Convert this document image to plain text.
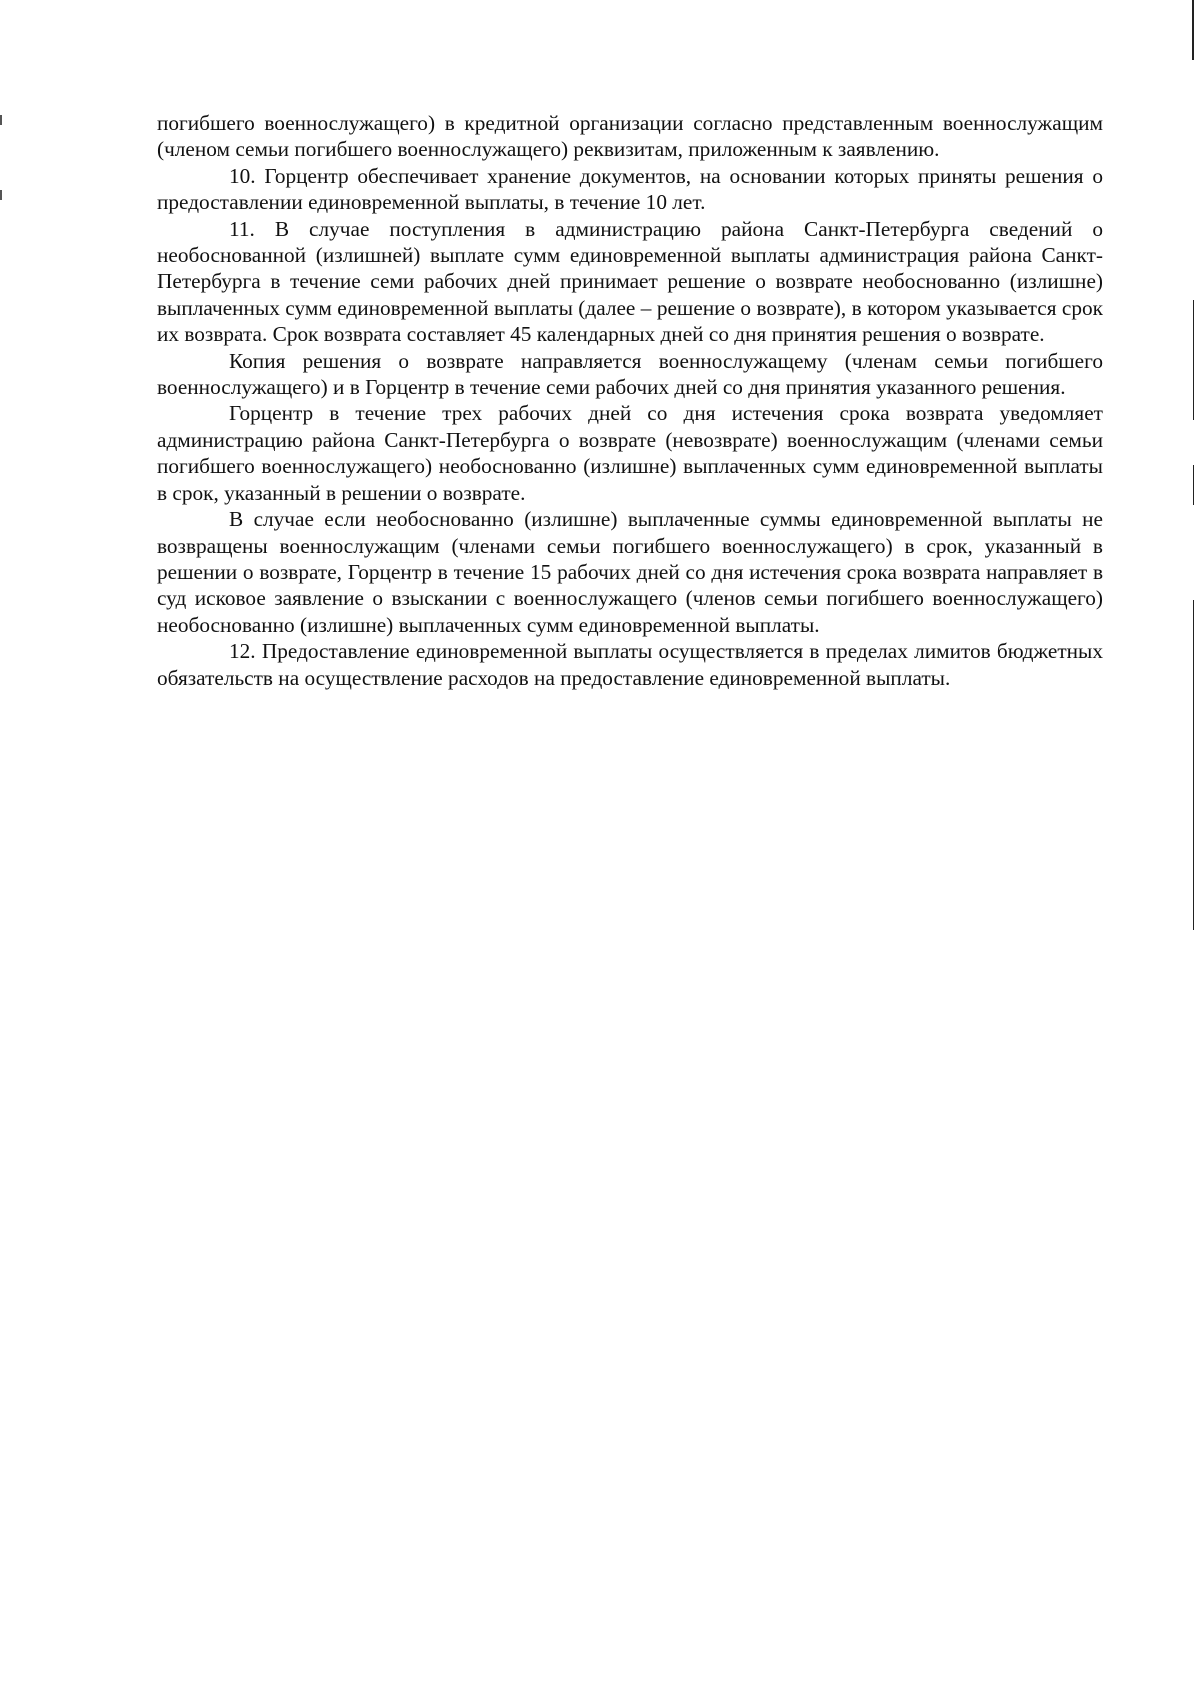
погибшего военнослужащего) в кредитной организации согласно представленным военнослужащим (членом семьи погибшего военнослужащего) реквизитам, приложенным к заявлению.

10. Горцентр обеспечивает хранение документов, на основании которых приняты решения о предоставлении единовременной выплаты, в течение 10 лет.

11. В случае поступления в администрацию района Санкт-Петербурга сведений о необоснованной (излишней) выплате сумм единовременной выплаты администрация района Санкт-Петербурга в течение семи рабочих дней принимает решение о возврате необоснованно (излишне) выплаченных сумм единовременной выплаты (далее – решение о возврате), в котором указывается срок их возврата. Срок возврата составляет 45 календарных дней со дня принятия решения о возврате.

Копия решения о возврате направляется военнослужащему (членам семьи погибшего военнослужащего) и в Горцентр в течение семи рабочих дней со дня принятия указанного решения.

Горцентр в течение трех рабочих дней со дня истечения срока возврата уведомляет администрацию района Санкт-Петербурга о возврате (невозврате) военнослужащим (членами семьи погибшего военнослужащего) необоснованно (излишне) выплаченных сумм единовременной выплаты в срок, указанный в решении о возврате.

В случае если необоснованно (излишне) выплаченные суммы единовременной выплаты не возвращены военнослужащим (членами семьи погибшего военнослужащего) в срок, указанный в решении о возврате, Горцентр в течение 15 рабочих дней со дня истечения срока возврата направляет в суд исковое заявление о взыскании с военнослужащего (членов семьи погибшего военнослужащего) необоснованно (излишне) выплаченных сумм единовременной выплаты.

12. Предоставление единовременной выплаты осуществляется в пределах лимитов бюджетных обязательств на осуществление расходов на предоставление единовременной выплаты.
